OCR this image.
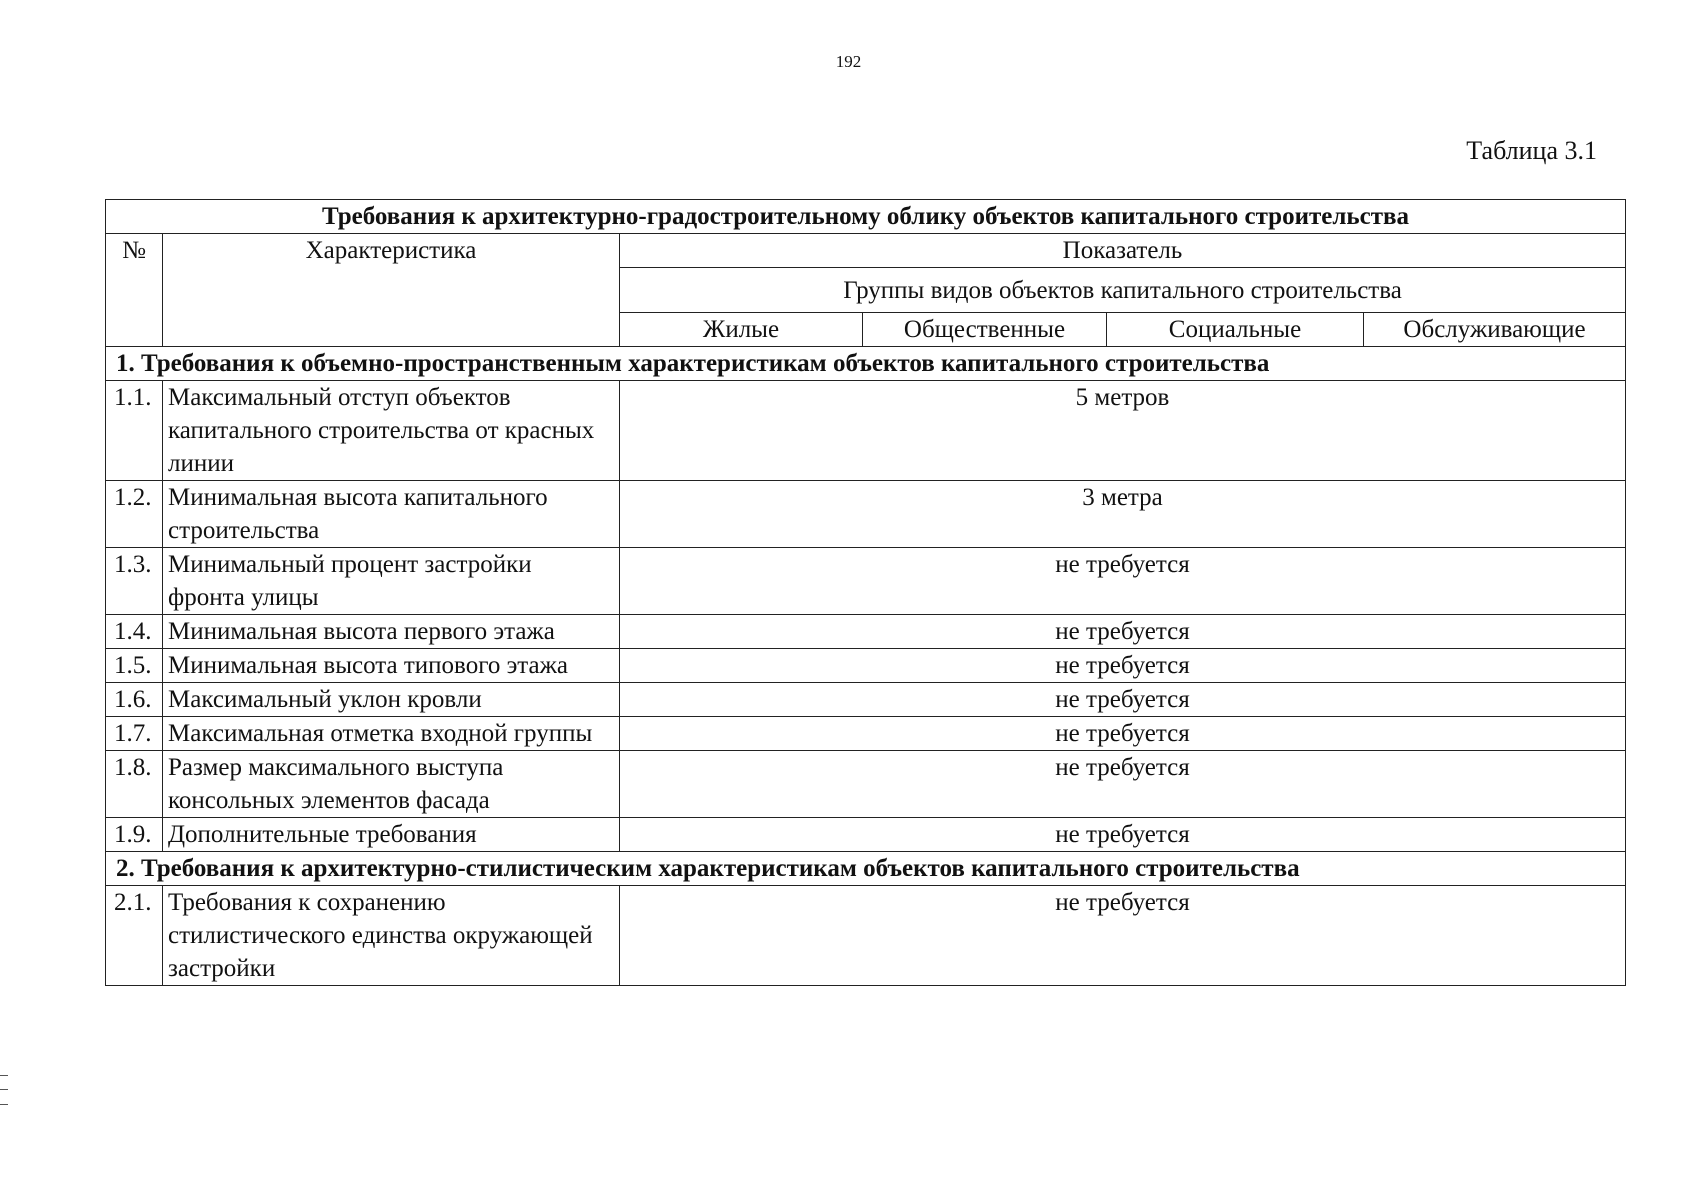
192
Таблица 3.1
Требования к архитектурно-градостроительному облику объектов капитального строительства					
№	Характеристика	Показатель			
		Группы видов объектов капитального строительства			
		Жилые	Общественные	Социальные	Обслуживающие
1. Требования к объемно-пространственным характеристикам объектов капитального строительства					
1.1.	Максимальный отступ объектов капитального строительства от красных линии	5 метров			
1.2.	Минимальная высота капитального строительства	3 метра			
1.3.	Минимальный процент застройки фронта улицы	не требуется			
1.4.	Минимальная высота первого этажа	не требуется			
1.5.	Минимальная высота типового этажа	не требуется			
1.6.	Максимальный уклон кровли	не требуется			
1.7.	Максимальная отметка входной группы	не требуется			
1.8.	Размер максимального выступа консольных элементов фасада	не требуется			
1.9.	Дополнительные требования	не требуется			
2. Требования к архитектурно-стилистическим характеристикам объектов капитального строительства					
2.1.	Требования к сохранению стилистического единства окружающей застройки	не требуется			
